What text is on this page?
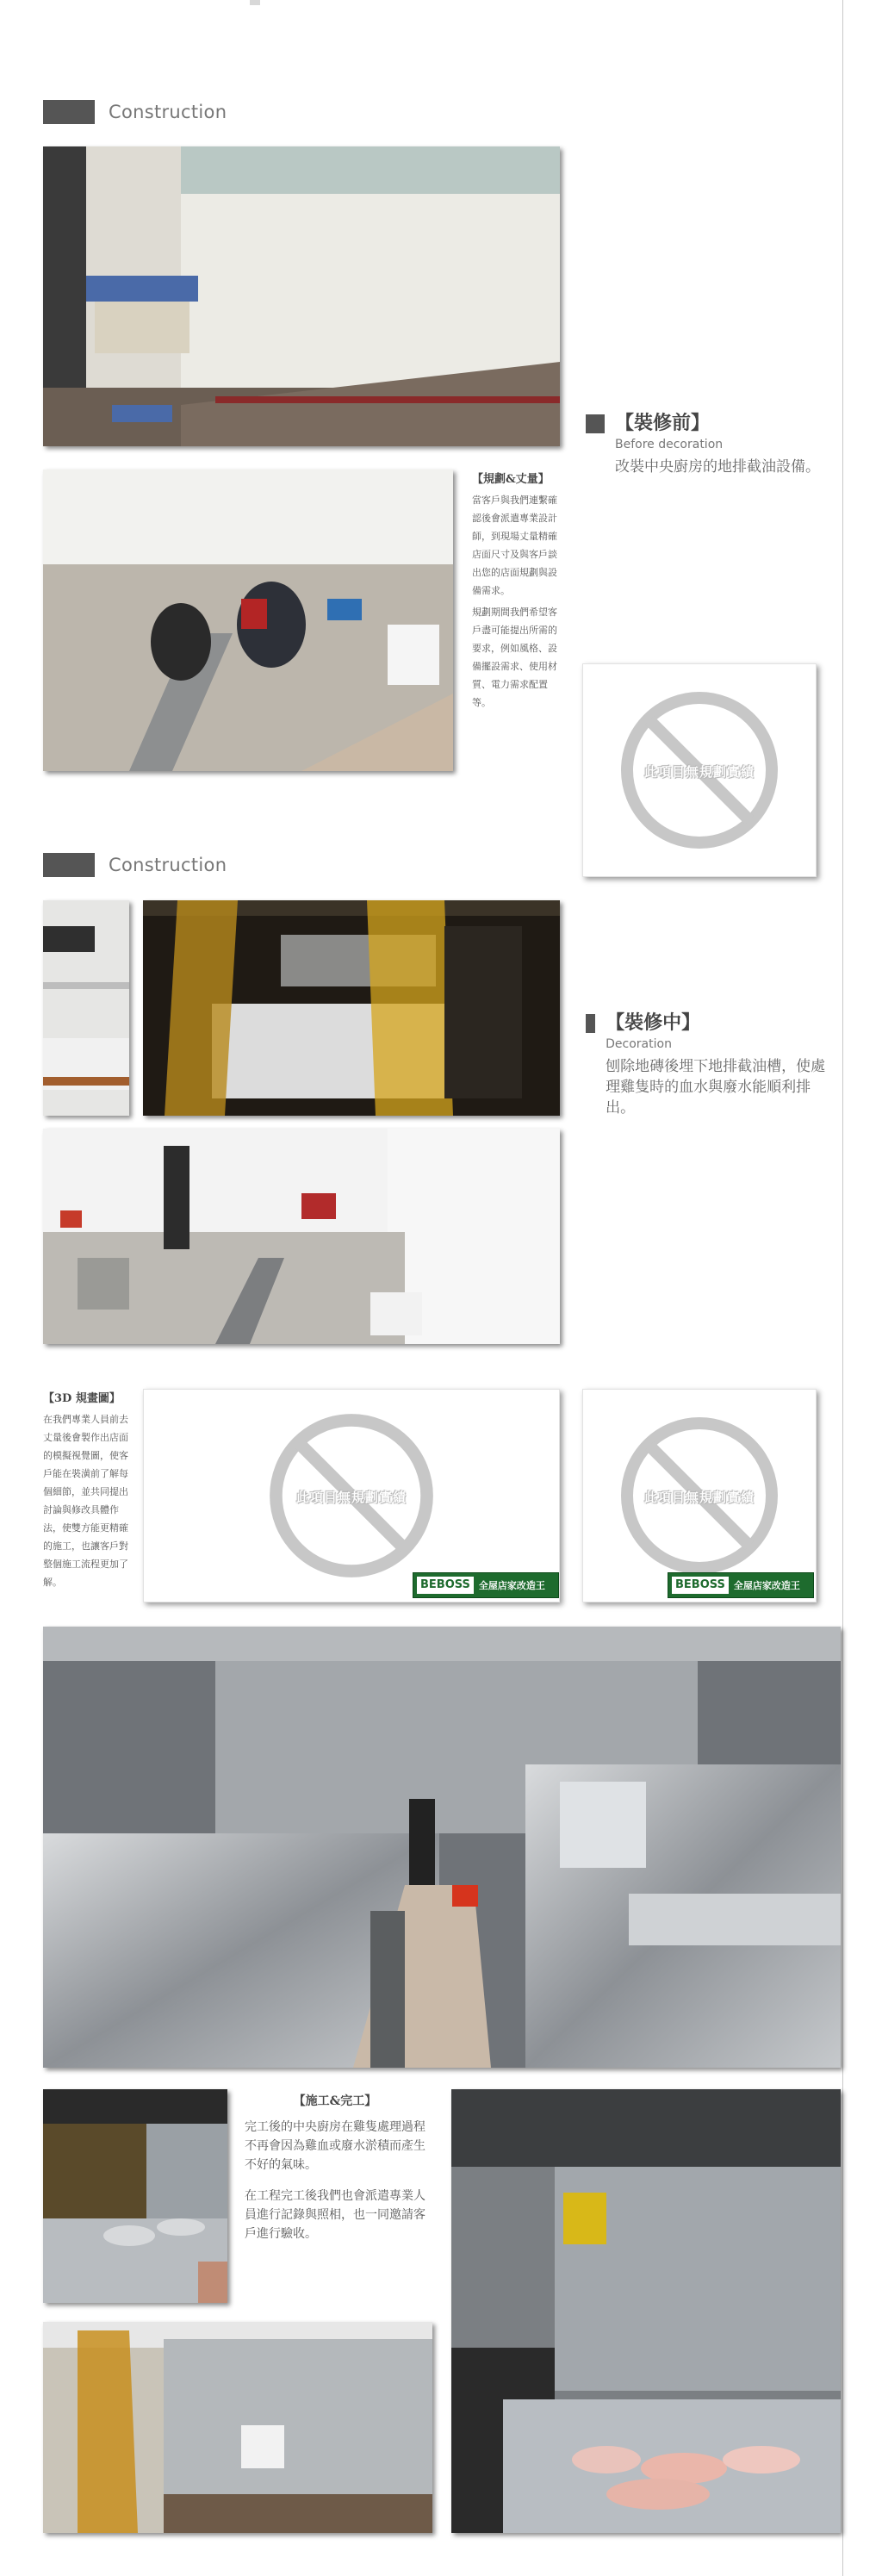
Construction
【裝修前】
Before decoration
改裝中央廚房的地排截油設備。
【規劃&丈量】

當客戶與我們連繫確認後會派遣專業設計師，到現場丈量精確店面尺寸及與客戶談出您的店面規劃與設備需求。

規劃期間我們希望客戶盡可能提出所需的要求，例如風格、設備擺設需求、使用材質、電力需求配置等。

此項目無規劃實績
Construction
【裝修中】
Decoration
刨除地磚後埋下地排截油槽，使處理雞隻時的血水與廢水能順利排出。
【3D 規畫圖】
在我們專業人員前去丈量後會製作出店面的模擬視覺圖，使客戶能在裝潢前了解每個細節，並共同提出討論與修改具體作法，使雙方能更精確的施工，也讓客戶對整個施工流程更加了解。
此項目無規劃實績
BEBOSS 全屋店家改造王
此項目無規劃實績
BEBOSS 全屋店家改造王
【施工&完工】

完工後的中央廚房在雞隻處理過程不再會因為雞血或廢水淤積而產生不好的氣味。

在工程完工後我們也會派遣專業人員進行記錄與照相，也一同邀請客戶進行驗收。
